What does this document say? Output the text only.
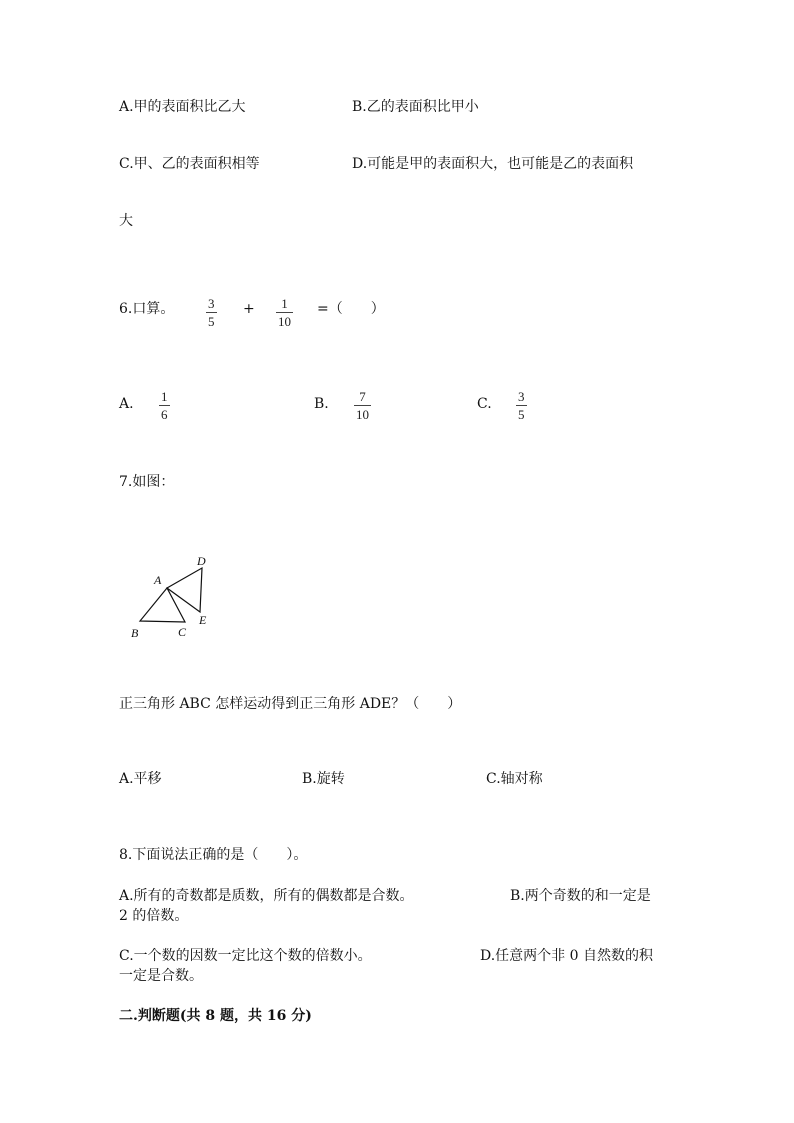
A.甲的表面积比乙大	B.乙的表面积比甲小
C.甲、乙的表面积相等	D.可能是甲的表面积大，也可能是乙的表面积
大
6.口算。	3
5
+ 1
10
=（　　）
A. 1
6
B. 7
10
C. 3
5
7.如图：
A
B	C
D
E
正三角形 ABC 怎样运动得到正三角形 ADE？（　　）
A.平移	B.旋转	C.轴对称
8.下面说法正确的是（　　）。
A.所有的奇数都是质数，所有的偶数都是合数。	B.两个奇数的和一定是
2 的倍数。
C.一个数的因数一定比这个数的倍数小。	D.任意两个非 0 自然数的积
一定是合数。
二.判断题(共 8 题，共 16 分)
